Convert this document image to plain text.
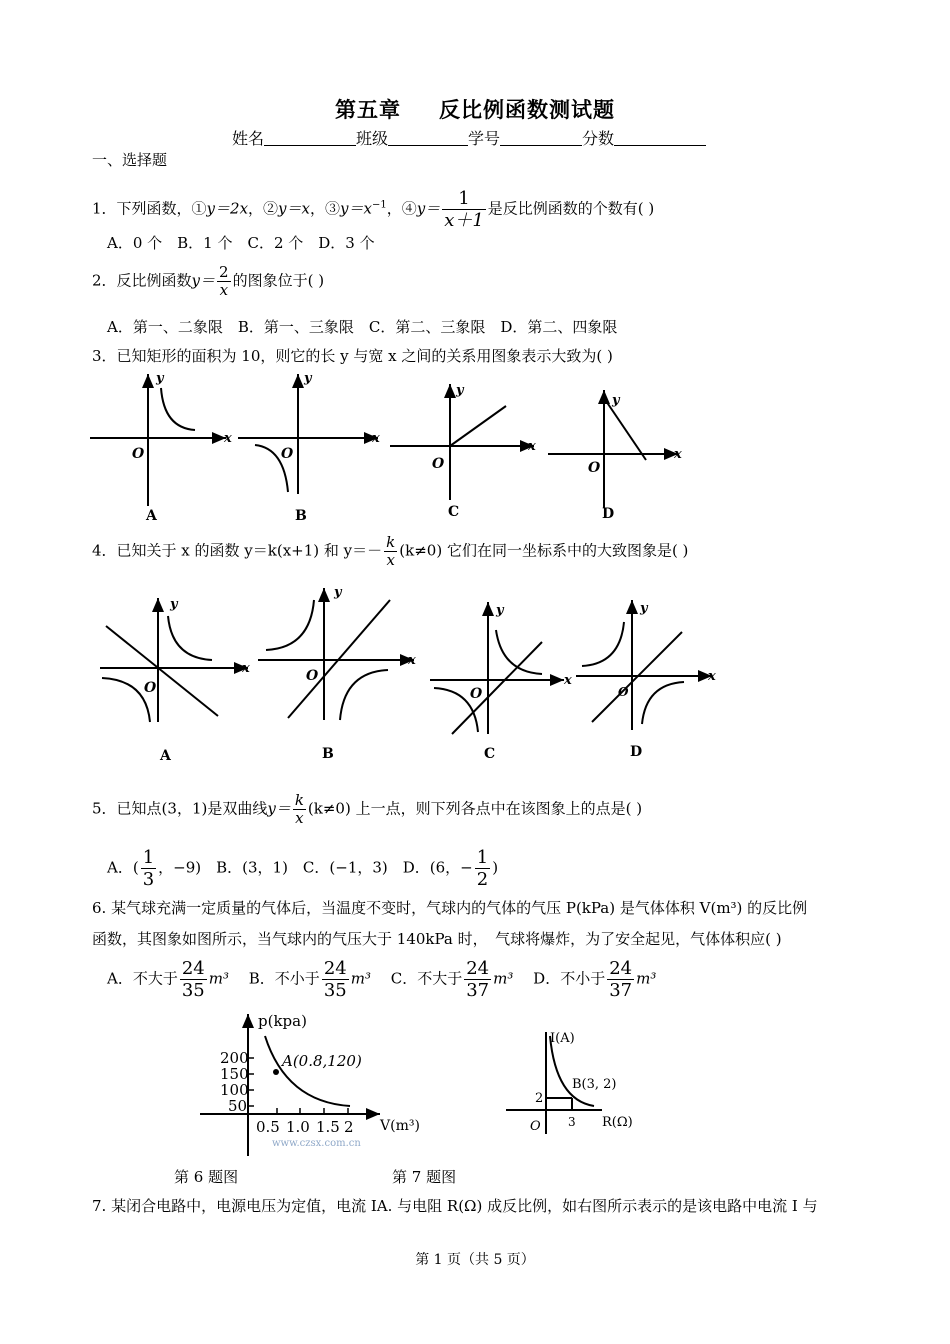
第五章 反比例函数测试题
姓名	班级	学号	分数
一、选择题
1．下列函数，①y＝2x，②y＝x，$③y=x^{-1}$，④y＝ $\frac{1}{x+1}$ 是反比例函数的个数有( )
A．0 个　B．1 个　C．2 个　D．3 个
2．反比例函数$y= \frac{2}{x}$ 的图象位于( )
A．第一、二象限　B．第一、三象限　C．第二、三象限　D．第二、四象限
3．已知矩形的面积为 10，则它的长 y 与宽 x 之间的关系用图象表示大致为( )
y
x
O
A
y
x
O
B
y
x
O
C
y
x
O
D
4．已知关于 x 的函数 y＝k(x+1) 和 $y=- \frac{k}{x} (k\ne 0)$ 它们在同一坐标系中的大致图象是( )
y
x
O
A
y
x
O
B
y
x
O
C
y
x
O
D
5．已知点(3，1)是双曲线$y= \frac{k}{x} (k\ne 0)$ 上一点，则下列各点中在该图象上的点是( )
A．( $\frac{1}{3}$ ，−9)　B．(3，1)　C．(−1，3)　D．(6，− $\frac{1}{2}$ )
6. 某气球充满一定质量的气体后，当温度不变时，气球内的气体的气压 P(kPa) 是气体体积 V(m³) 的反比例
函数，其图象如图所示，当气球内的气压大于 140kPa 时，　气球将爆炸，为了安全起见，气体体积应( )
A．不大于 $\frac{24}{35} m^3$　 B．不小于 $\frac{24}{35} m^3$　 C．不大于 $\frac{24}{37} m^3$　 D．不小于 $\frac{24}{37} m^3$
p(kpa)
V(m³)
200
150
100
50
0.5 1.0 1.5 2
A(0.8,120)
www.czsx.com.cn
I(A)
R(Ω)
B(3, 2)
2
3
O
第 6 题图	第 7 题图
7. 某闭合电路中，电源电压为定值，电流 IA. 与电阻 R(Ω) 成反比例，如右图所示表示的是该电路中电流 I 与
第 1 页（共 5 页）
